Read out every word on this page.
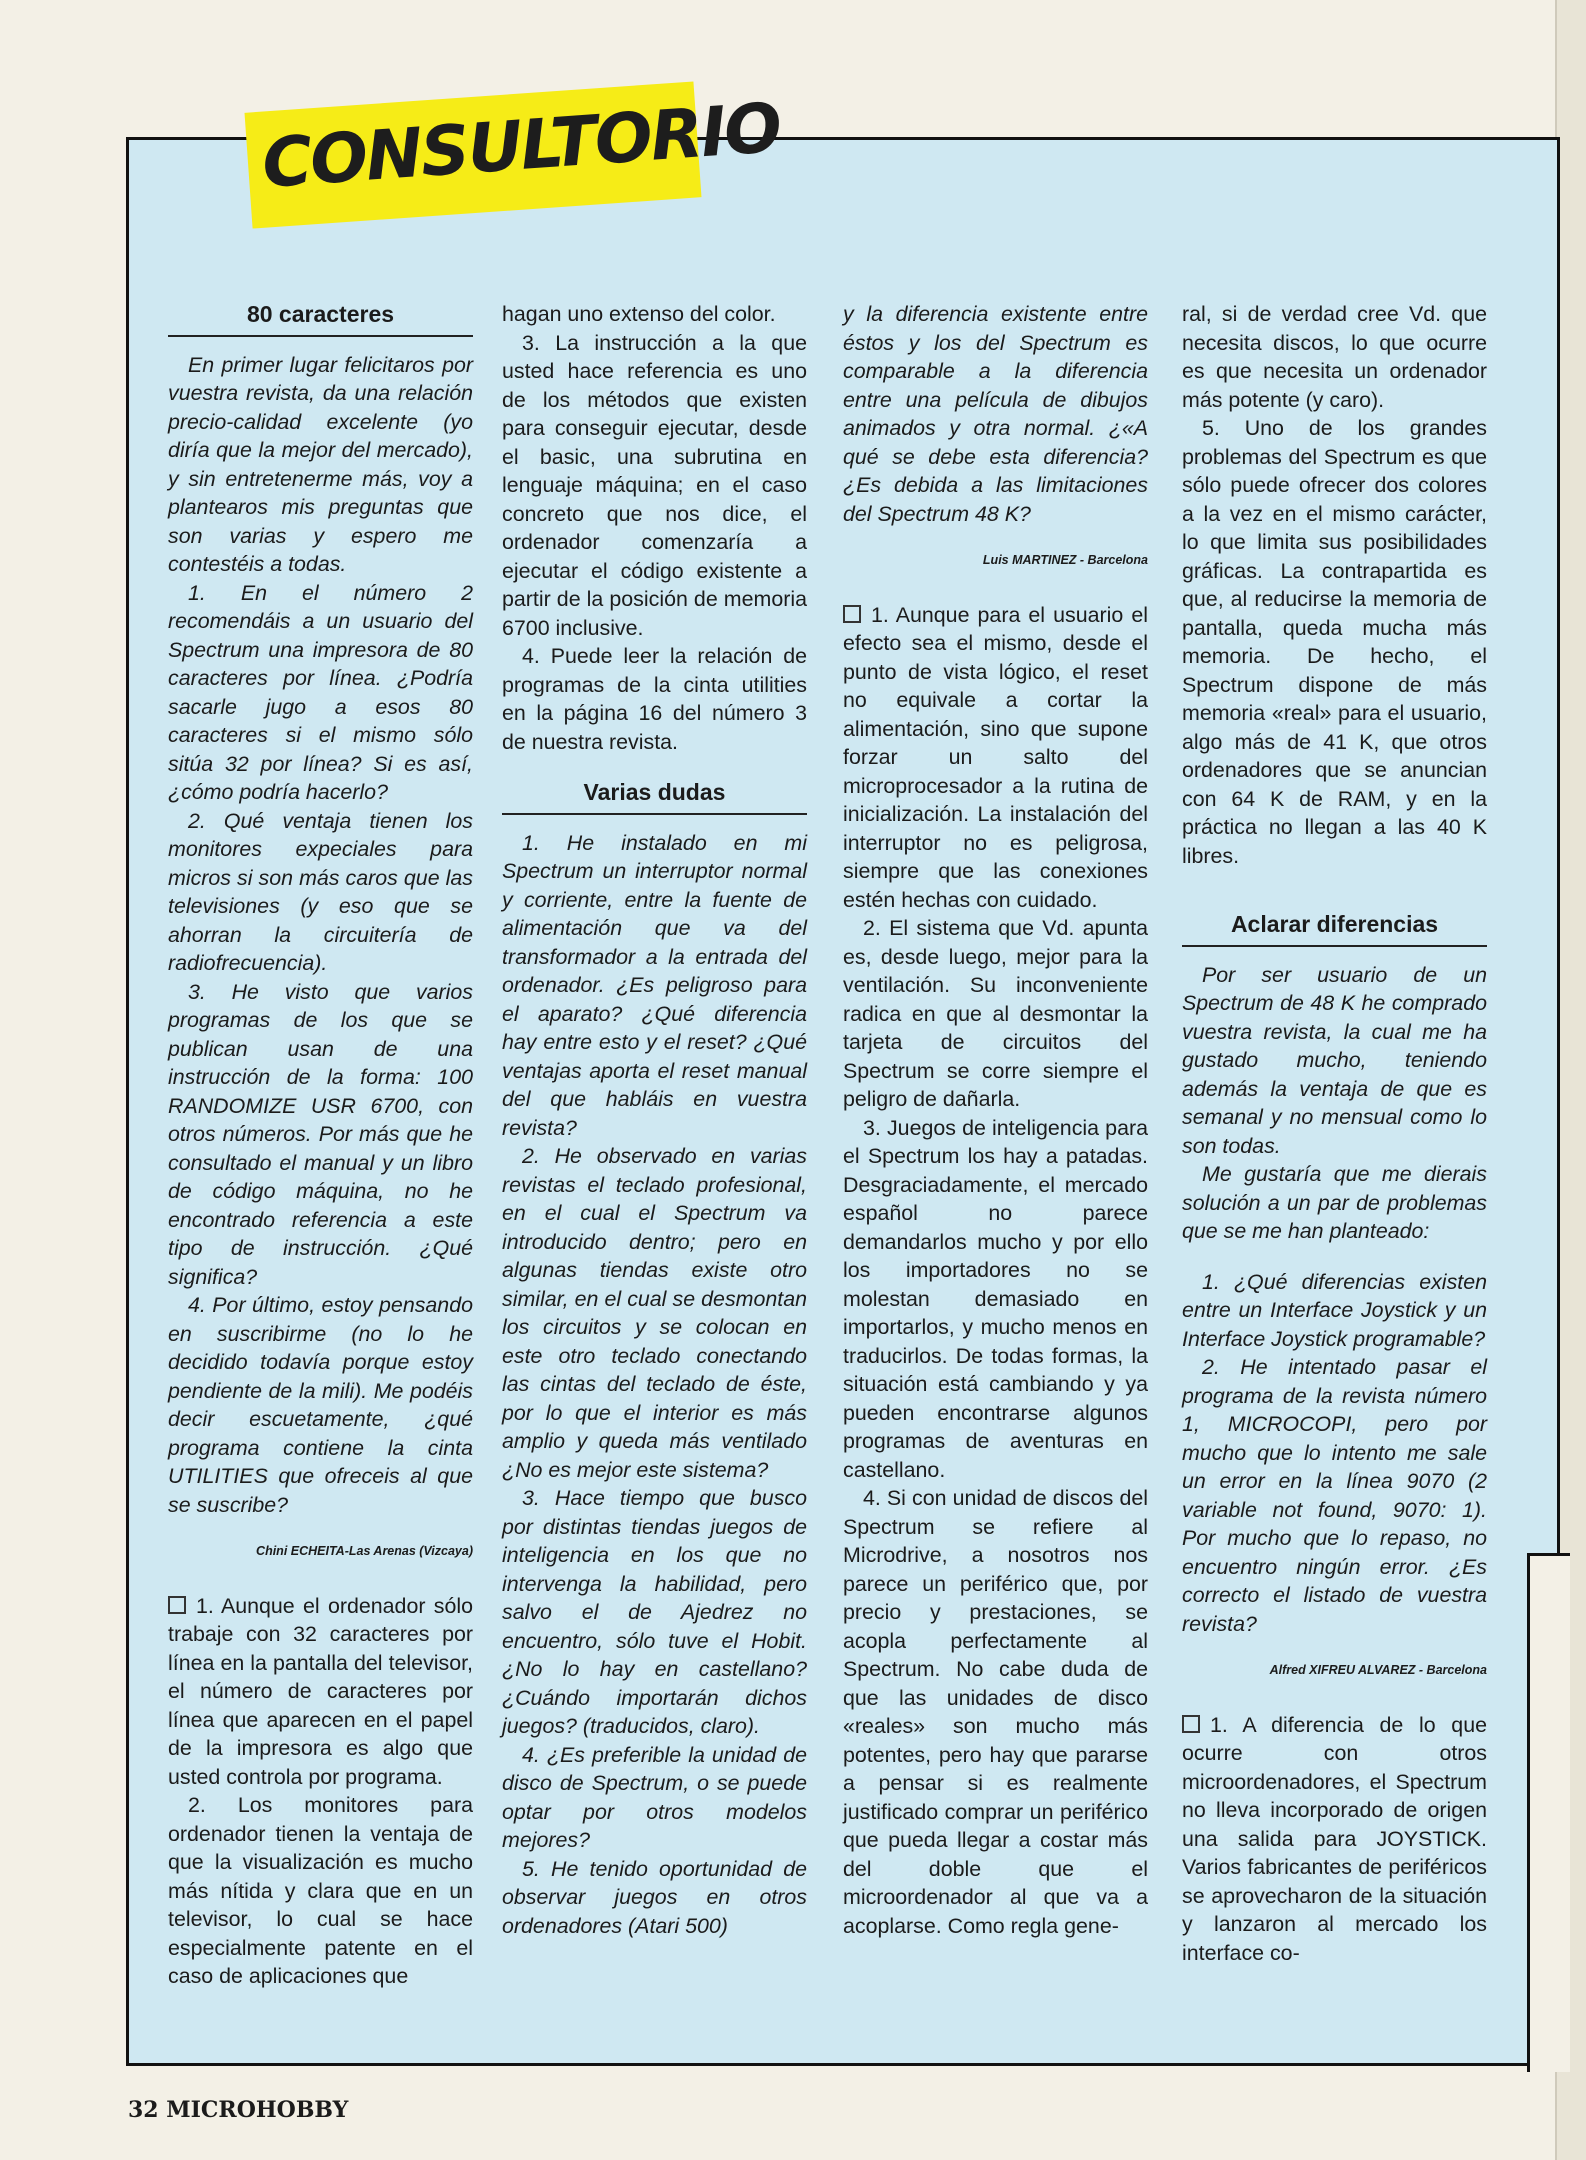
CONSULTORIO
80 caracteres

En primer lugar felicitaros por vuestra revista, da una relación precio-calidad excelente (yo diría que la mejor del mercado), y sin entretenerme más, voy a plantearos mis preguntas que son varias y espero me contestéis a todas.

1. En el número 2 recomendáis a un usuario del Spectrum una impresora de 80 caracteres por línea. ¿Podría sacarle jugo a esos 80 caracteres si el mismo sólo sitúa 32 por línea? Si es así, ¿cómo podría hacerlo?

2. Qué ventaja tienen los monitores expeciales para micros si son más caros que las televisiones (y eso que se ahorran la circuitería de radiofrecuencia).

3. He visto que varios programas de los que se publican usan de una instrucción de la forma: 100 RANDOMIZE USR 6700, con otros números. Por más que he consultado el manual y un libro de código máquina, no he encontrado referencia a este tipo de instrucción. ¿Qué significa?

4. Por último, estoy pensando en suscribirme (no lo he decidido todavía porque estoy pendiente de la mili). Me podéis decir escuetamente, ¿qué programa contiene la cinta UTILITIES que ofreceis al que se suscribe?

Chini ECHEITA-Las Arenas (Vizcaya)

1. Aunque el ordenador sólo trabaje con 32 caracteres por línea en la pantalla del televisor, el número de caracteres por línea que aparecen en el papel de la impresora es algo que usted controla por programa.

2. Los monitores para ordenador tienen la ventaja de que la visualización es mucho más nítida y clara que en un televisor, lo cual se hace especialmente patente en el caso de aplicaciones que

hagan uno extenso del color.

3. La instrucción a la que usted hace referencia es uno de los métodos que existen para conseguir ejecutar, desde el basic, una subrutina en lenguaje máquina; en el caso concreto que nos dice, el ordenador comenzaría a ejecutar el código existente a partir de la posición de memoria 6700 inclusive.

4. Puede leer la relación de programas de la cinta utilities en la página 16 del número 3 de nuestra revista.

Varias dudas

1. He instalado en mi Spectrum un interruptor normal y corriente, entre la fuente de alimentación que va del transformador a la entrada del ordenador. ¿Es peligroso para el aparato? ¿Qué diferencia hay entre esto y el reset? ¿Qué ventajas aporta el reset manual del que habláis en vuestra revista?

2. He observado en varias revistas el teclado profesional, en el cual el Spectrum va introducido dentro; pero en algunas tiendas existe otro similar, en el cual se desmontan los circuitos y se colocan en este otro teclado conectando las cintas del teclado de éste, por lo que el interior es más amplio y queda más ventilado ¿No es mejor este sistema?

3. Hace tiempo que busco por distintas tiendas juegos de inteligencia en los que no intervenga la habilidad, pero salvo el de Ajedrez no encuentro, sólo tuve el Hobit. ¿No lo hay en castellano? ¿Cuándo importarán dichos juegos? (traducidos, claro).

4. ¿Es preferible la unidad de disco de Spectrum, o se puede optar por otros modelos mejores?

5. He tenido oportunidad de observar juegos en otros ordenadores (Atari 500)

y la diferencia existente entre éstos y los del Spectrum es comparable a la diferencia entre una película de dibujos animados y otra normal. ¿«A qué se debe esta diferencia? ¿Es debida a las limitaciones del Spectrum 48 K?

Luis MARTINEZ - Barcelona

1. Aunque para el usuario el efecto sea el mismo, desde el punto de vista lógico, el reset no equivale a cortar la alimentación, sino que supone forzar un salto del microprocesador a la rutina de inicialización. La instalación del interruptor no es peligrosa, siempre que las conexiones estén hechas con cuidado.

2. El sistema que Vd. apunta es, desde luego, mejor para la ventilación. Su inconveniente radica en que al desmontar la tarjeta de circuitos del Spectrum se corre siempre el peligro de dañarla.

3. Juegos de inteligencia para el Spectrum los hay a patadas. Desgraciadamente, el mercado español no parece demandarlos mucho y por ello los importadores no se molestan demasiado en importarlos, y mucho menos en traducirlos. De todas formas, la situación está cambiando y ya pueden encontrarse algunos programas de aventuras en castellano.

4. Si con unidad de discos del Spectrum se refiere al Microdrive, a nosotros nos parece un periférico que, por precio y prestaciones, se acopla perfectamente al Spectrum. No cabe duda de que las unidades de disco «reales» son mucho más potentes, pero hay que pararse a pensar si es realmente justificado comprar un periférico que pueda llegar a costar más del doble que el microordenador al que va a acoplarse. Como regla gene-

ral, si de verdad cree Vd. que necesita discos, lo que ocurre es que necesita un ordenador más potente (y caro).

5. Uno de los grandes problemas del Spectrum es que sólo puede ofrecer dos colores a la vez en el mismo carácter, lo que limita sus posibilidades gráficas. La contrapartida es que, al reducirse la memoria de pantalla, queda mucha más memoria. De hecho, el Spectrum dispone de más memoria «real» para el usuario, algo más de 41 K, que otros ordenadores que se anuncian con 64 K de RAM, y en la práctica no llegan a las 40 K libres.

Aclarar diferencias

Por ser usuario de un Spectrum de 48 K he comprado vuestra revista, la cual me ha gustado mucho, teniendo además la ventaja de que es semanal y no mensual como lo son todas.

Me gustaría que me dierais solución a un par de problemas que se me han planteado:

1. ¿Qué diferencias existen entre un Interface Joystick y un Interface Joystick programable?

2. He intentado pasar el programa de la revista número 1, MICROCOPI, pero por mucho que lo intento me sale un error en la línea 9070 (2 variable not found, 9070: 1). Por mucho que lo repaso, no encuentro ningún error. ¿Es correcto el listado de vuestra revista?

Alfred XIFREU ALVAREZ - Barcelona

1. A diferencia de lo que ocurre con otros microordenadores, el Spectrum no lleva incorporado de origen una salida para JOYSTICK. Varios fabricantes de periféricos se aprovecharon de la situación y lanzaron al mercado los interface co-

32 MICROHOBBY
